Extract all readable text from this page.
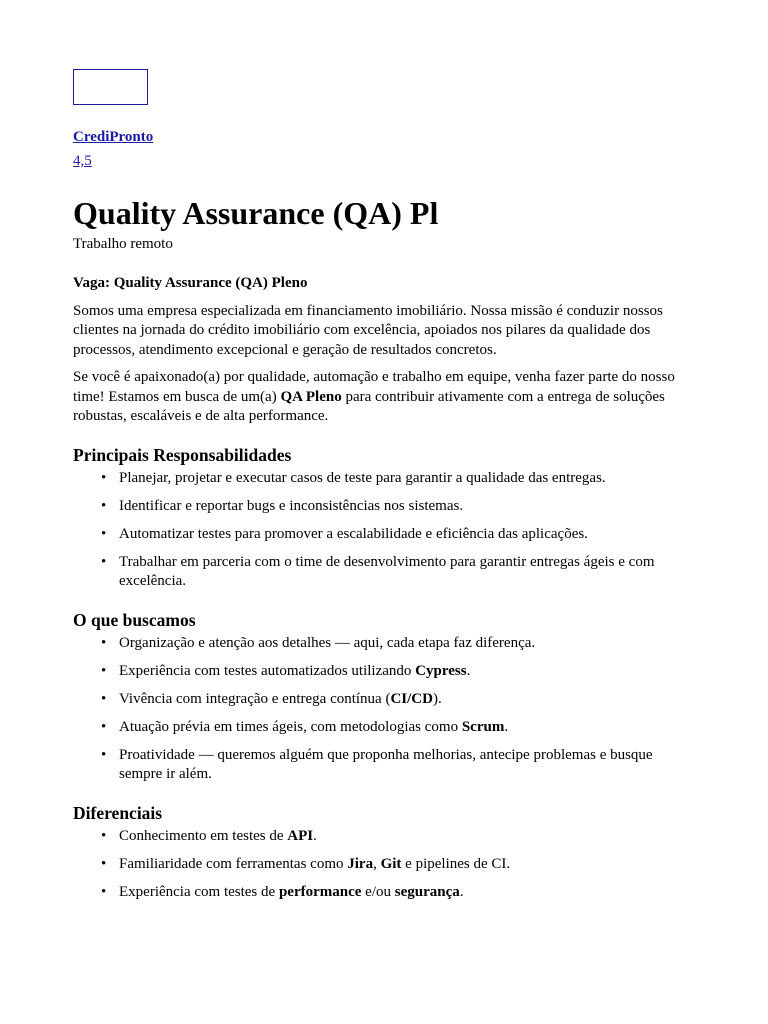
CrediPronto
4,5
Quality Assurance (QA) Pl
Trabalho remoto

Vaga: Quality Assurance (QA) Pleno

Somos uma empresa especializada em financiamento imobiliário. Nossa missão é conduzir nossos clientes na jornada do crédito imobiliário com excelência, apoiados nos pilares da qualidade dos processos, atendimento excepcional e geração de resultados concretos.

Se você é apaixonado(a) por qualidade, automação e trabalho em equipe, venha fazer parte do nosso time! Estamos em busca de um(a) QA Pleno para contribuir ativamente com a entrega de soluções robustas, escaláveis e de alta performance.

Principais Responsabilidades
• Planejar, projetar e executar casos de teste para garantir a qualidade das entregas.
• Identificar e reportar bugs e inconsistências nos sistemas.
• Automatizar testes para promover a escalabilidade e eficiência das aplicações.
• Trabalhar em parceria com o time de desenvolvimento para garantir entregas ágeis e com excelência.
O que buscamos
• Organização e atenção aos detalhes — aqui, cada etapa faz diferença.
• Experiência com testes automatizados utilizando Cypress.
• Vivência com integração e entrega contínua (CI/CD).
• Atuação prévia em times ágeis, com metodologias como Scrum.
• Proatividade — queremos alguém que proponha melhorias, antecipe problemas e busque sempre ir além.
Diferenciais
• Conhecimento em testes de API.
• Familiaridade com ferramentas como Jira, Git e pipelines de CI.
• Experiência com testes de performance e/ou segurança.
